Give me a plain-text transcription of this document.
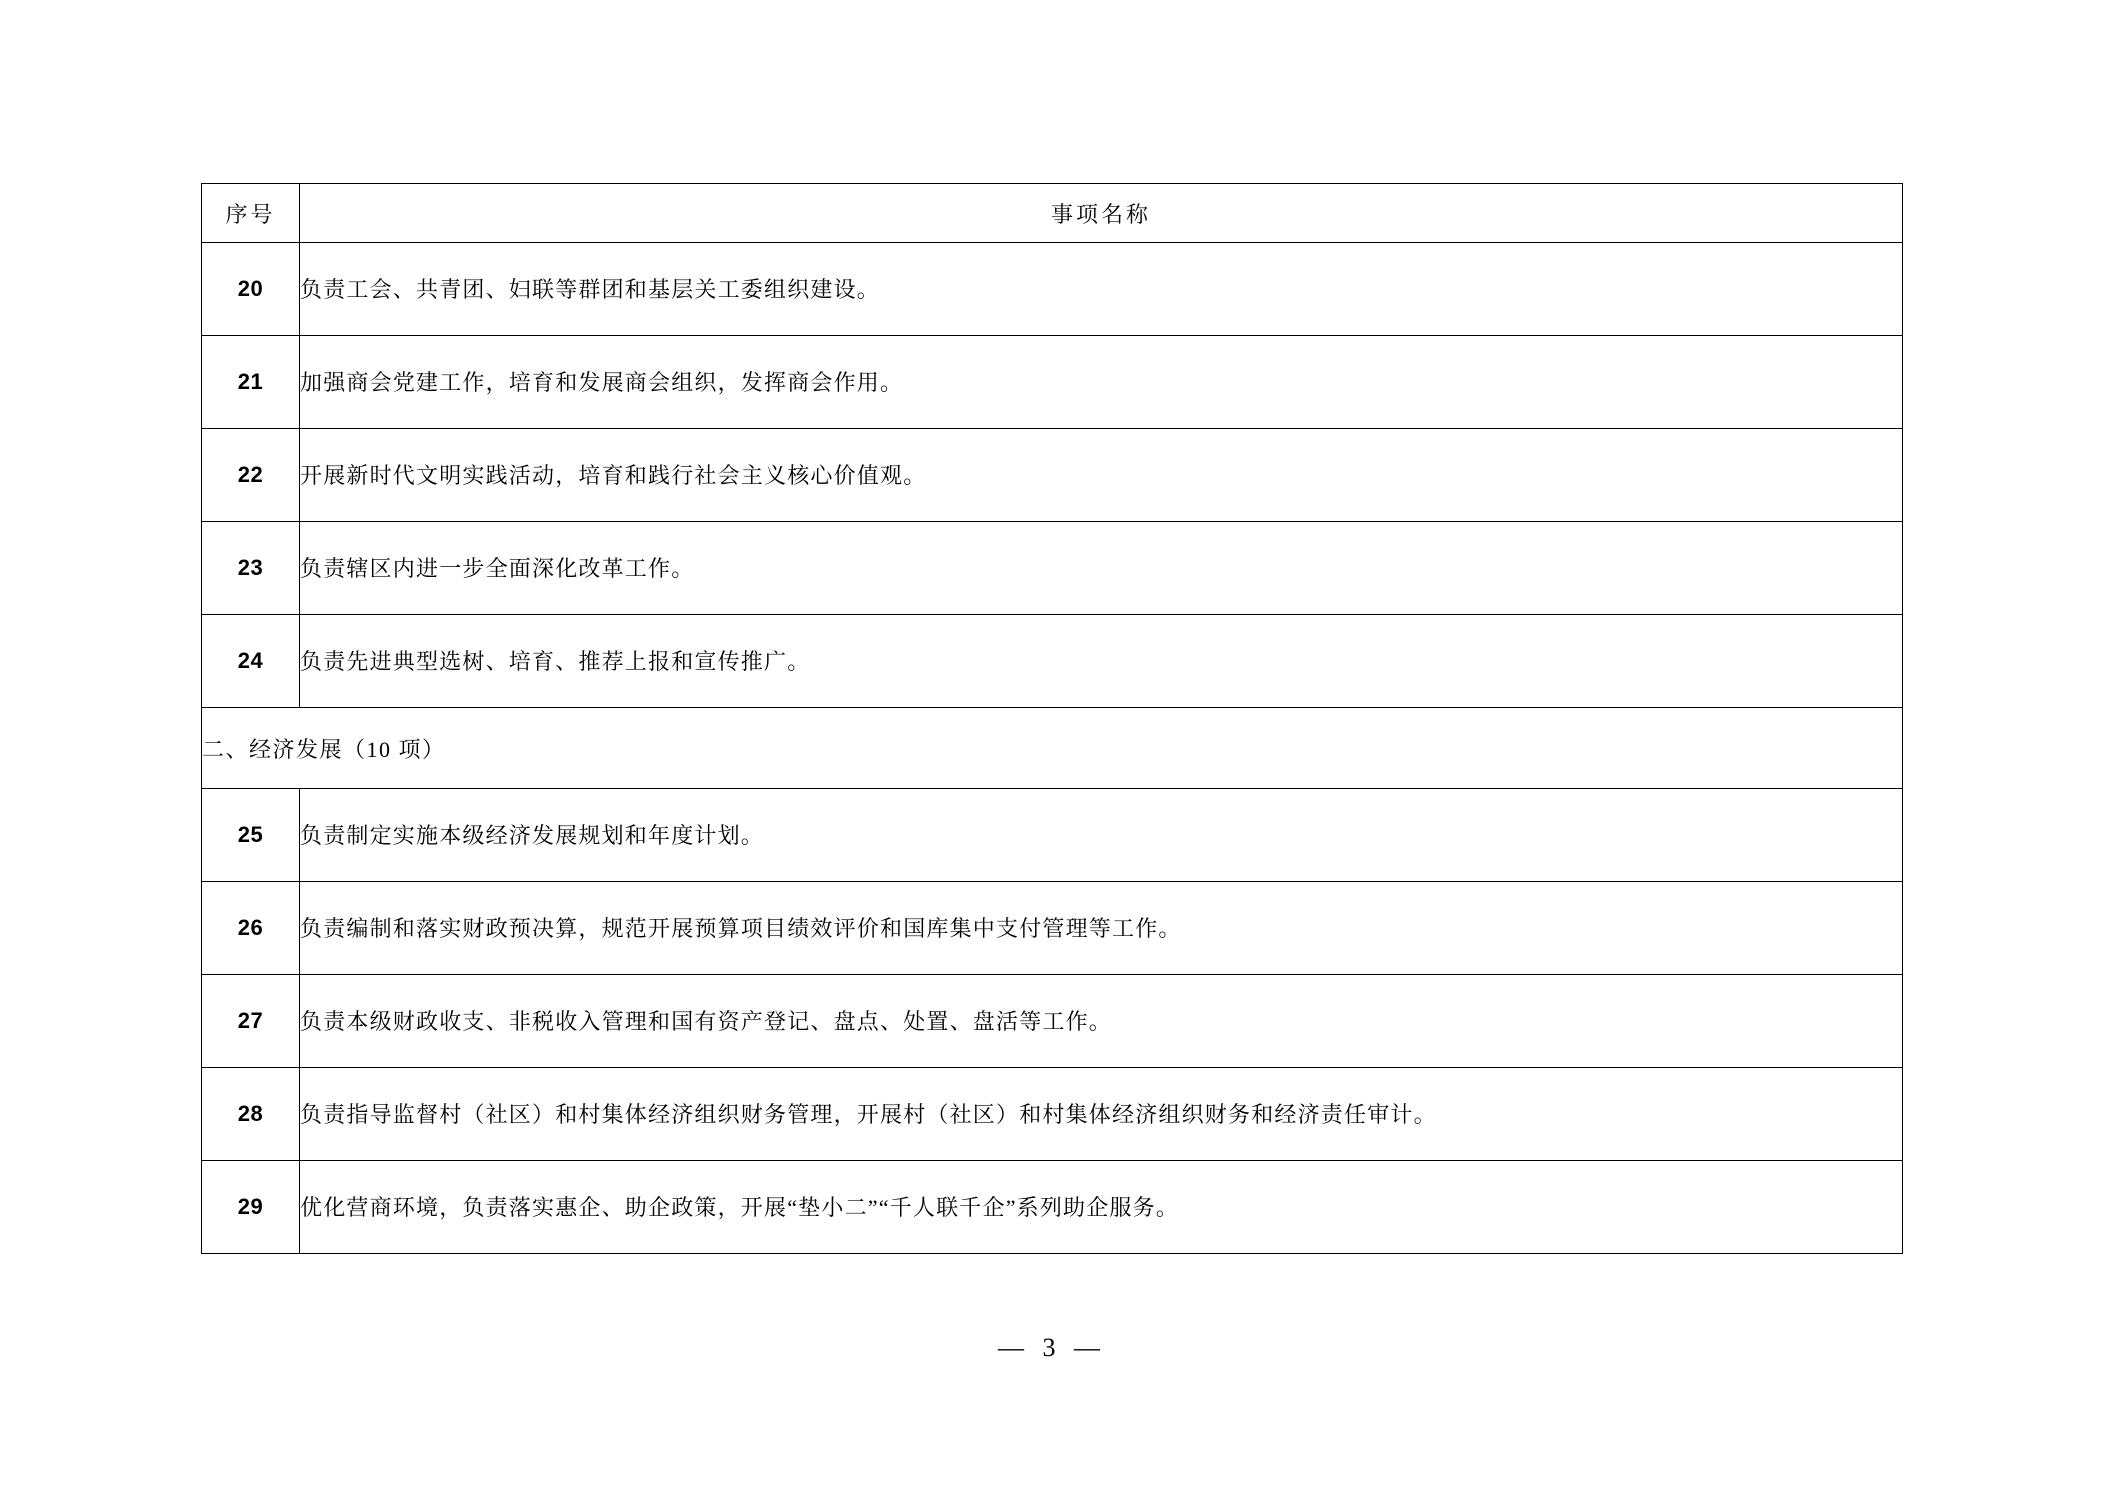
序号	事项名称
20	负责工会、共青团、妇联等群团和基层关工委组织建设。
21	加强商会党建工作，培育和发展商会组织，发挥商会作用。
22	开展新时代文明实践活动，培育和践行社会主义核心价值观。
23	负责辖区内进一步全面深化改革工作。
24	负责先进典型选树、培育、推荐上报和宣传推广。
二、经济发展（10 项）	
25	负责制定实施本级经济发展规划和年度计划。
26	负责编制和落实财政预决算，规范开展预算项目绩效评价和国库集中支付管理等工作。
27	负责本级财政收支、非税收入管理和国有资产登记、盘点、处置、盘活等工作。
28	负责指导监督村（社区）和村集体经济组织财务管理，开展村（社区）和村集体经济组织财务和经济责任审计。
29	优化营商环境，负责落实惠企、助企政策，开展“垫小二”“千人联千企”系列助企服务。
— 3 —
